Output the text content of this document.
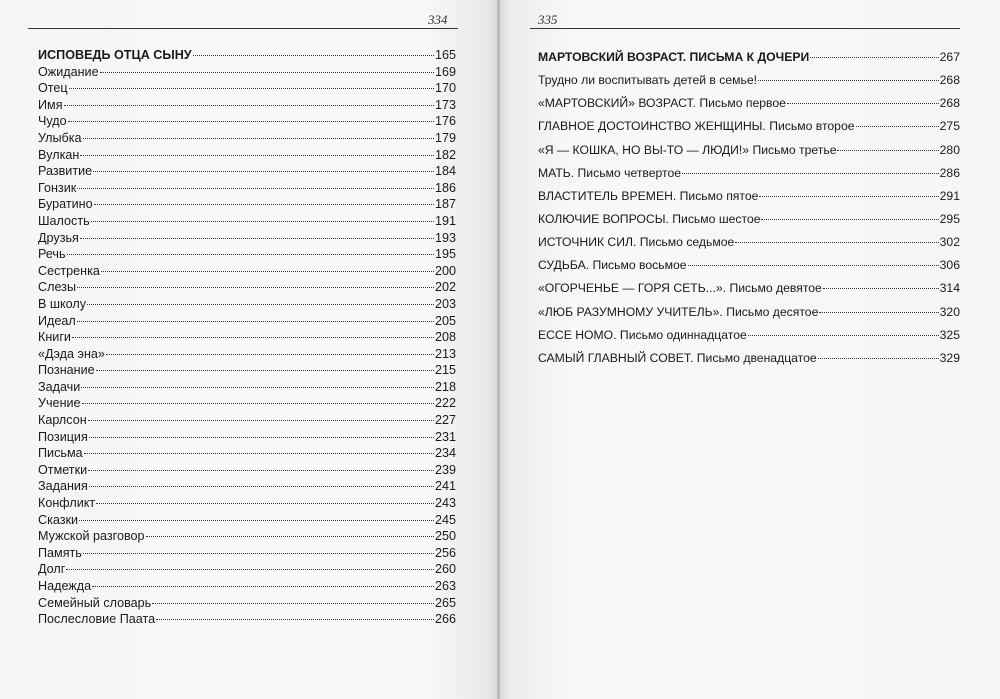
334
ИСПОВЕДЬ ОТЦА СЫНУ	165
Ожидание	169
Отец	170
Имя	173
Чудо	176
Улыбка	179
Вулкан	182
Развитие	184
Гонзик	186
Буратино	187
Шалость	191
Друзья	193
Речь	195
Сестренка	200
Слезы	202
В школу	203
Идеал	205
Книги	208
«Дэда эна»	213
Познание	215
Задачи	218
Учение	222
Карлсон	227
Позиция	231
Письма	234
Отметки	239
Задания	241
Конфликт	243
Сказки	245
Мужской разговор	250
Память	256
Долг	260
Надежда	263
Семейный словарь	265
Послесловие Паата	266
335
МАРТОВСКИЙ ВОЗРАСТ. ПИСЬМА К ДОЧЕРИ	267
Трудно ли воспитывать детей в семье!	268
«МАРТОВСКИЙ» ВОЗРАСТ. Письмо первое	268
ГЛАВНОЕ ДОСТОИНСТВО ЖЕНЩИНЫ. Письмо второе	275
«Я — КОШКА, НО ВЫ-ТО — ЛЮДИ!» Письмо третье	280
МАТЬ. Письмо четвертое	286
ВЛАСТИТЕЛЬ ВРЕМЕН. Письмо пятое	291
КОЛЮЧИЕ ВОПРОСЫ. Письмо шестое	295
ИСТОЧНИК СИЛ. Письмо седьмое	302
СУДЬБА. Письмо восьмое	306
«ОГОРЧЕНЬЕ — ГОРЯ СЕТЬ...». Письмо девятое	314
«ЛЮБ РАЗУМНОМУ УЧИТЕЛЬ». Письмо десятое	320
ECCE HOMO. Письмо одиннадцатое	325
САМЫЙ ГЛАВНЫЙ СОВЕТ. Письмо двенадцатое	329
